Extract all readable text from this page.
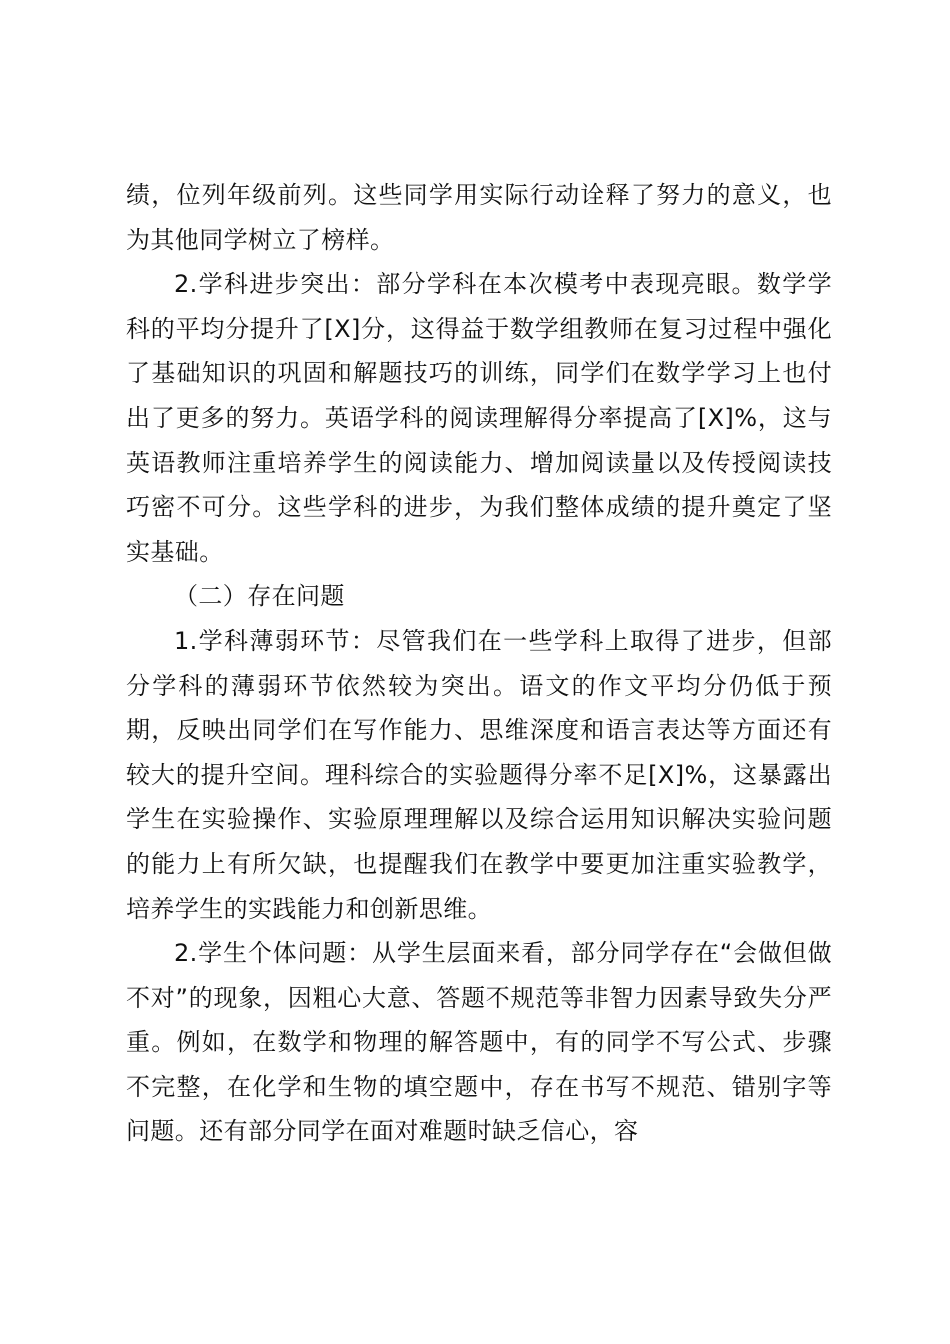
绩，位列年级前列。这些同学用实际行动诠释了努力的意义，也为其他同学树立了榜样。

2.学科进步突出：部分学科在本次模考中表现亮眼。数学学科的平均分提升了[X]分，这得益于数学组教师在复习过程中强化了基础知识的巩固和解题技巧的训练，同学们在数学学习上也付出了更多的努力。英语学科的阅读理解得分率提高了[X]%，这与英语教师注重培养学生的阅读能力、增加阅读量以及传授阅读技巧密不可分。这些学科的进步，为我们整体成绩的提升奠定了坚实基础。

（二）存在问题

1.学科薄弱环节：尽管我们在一些学科上取得了进步，但部分学科的薄弱环节依然较为突出。语文的作文平均分仍低于预期，反映出同学们在写作能力、思维深度和语言表达等方面还有较大的提升空间。理科综合的实验题得分率不足[X]%，这暴露出学生在实验操作、实验原理理解以及综合运用知识解决实验问题的能力上有所欠缺，也提醒我们在教学中要更加注重实验教学，培养学生的实践能力和创新思维。

2.学生个体问题：从学生层面来看，部分同学存在“会做但做不对”的现象，因粗心大意、答题不规范等非智力因素导致失分严重。例如，在数学和物理的解答题中，有的同学不写公式、步骤不完整，在化学和生物的填空题中，存在书写不规范、错别字等问题。还有部分同学在面对难题时缺乏信心，容
